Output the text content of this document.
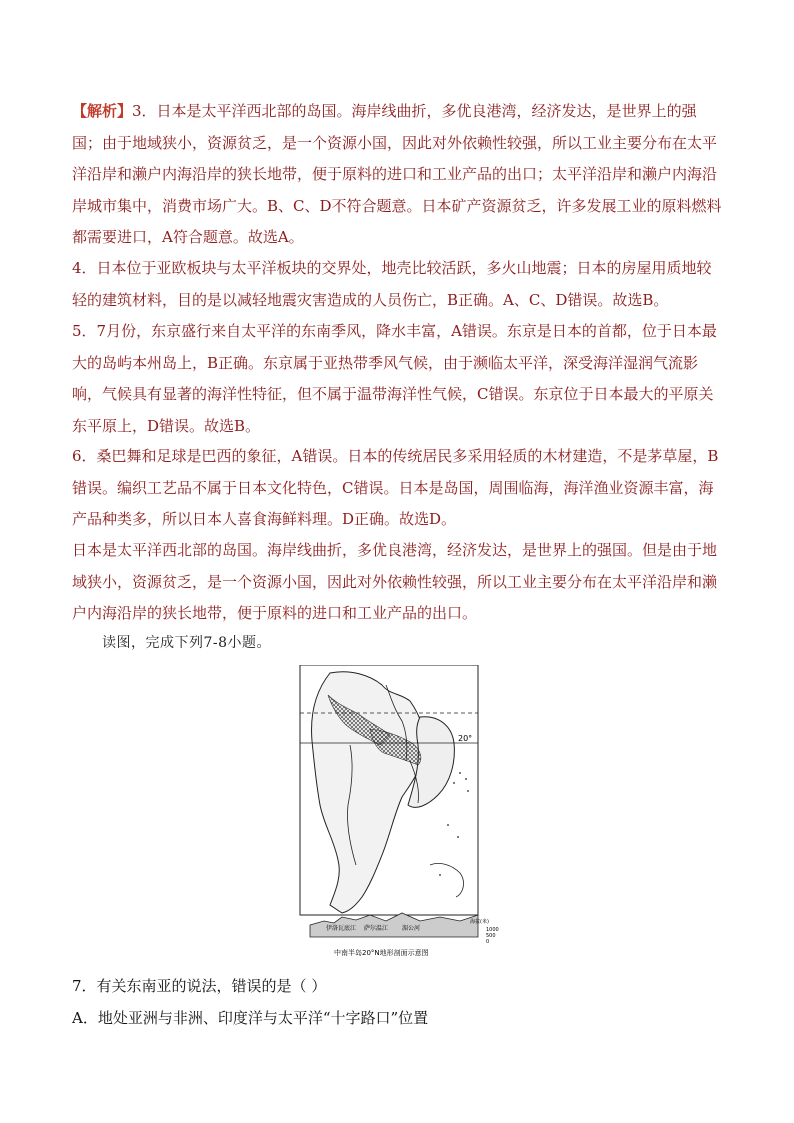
【解析】3．日本是太平洋西北部的岛国。海岸线曲折，多优良港湾，经济发达，是世界上的强国；由于地域狭小，资源贫乏，是一个资源小国，因此对外依赖性较强，所以工业主要分布在太平洋沿岸和濑户内海沿岸的狭长地带，便于原料的进口和工业产品的出口；太平洋沿岸和濑户内海沿岸城市集中，消费市场广大。B、C、D不符合题意。日本矿产资源贫乏，许多发展工业的原料燃料都需要进口，A符合题意。故选A。
4．日本位于亚欧板块与太平洋板块的交界处，地壳比较活跃，多火山地震；日本的房屋用质地较轻的建筑材料，目的是以减轻地震灾害造成的人员伤亡，B正确。A、C、D错误。故选B。
5．7月份，东京盛行来自太平洋的东南季风，降水丰富，A错误。东京是日本的首都，位于日本最大的岛屿本州岛上，B正确。东京属于亚热带季风气候，由于濒临太平洋，深受海洋湿润气流影响，气候具有显著的海洋性特征，但不属于温带海洋性气候，C错误。东京位于日本最大的平原关东平原上，D错误。故选B。
6．桑巴舞和足球是巴西的象征，A错误。日本的传统居民多采用轻质的木材建造，不是茅草屋，B错误。编织工艺品不属于日本文化特色，C错误。日本是岛国，周围临海，海洋渔业资源丰富，海产品种类多，所以日本人喜食海鲜料理。D正确。故选D。
日本是太平洋西北部的岛国。海岸线曲折，多优良港湾，经济发达，是世界上的强国。但是由于地域狭小，资源贫乏，是一个资源小国，因此对外依赖性较强，所以工业主要分布在太平洋沿岸和濑户内海沿岸的狭长地带，便于原料的进口和工业产品的出口。
读图，完成下列7-8小题。
20°
伊洛瓦底江 萨尔温江 湄公河
海拔(米)
1000
500
0
中南半岛20°N地形剖面示意图
7．有关东南亚的说法，错误的是（ ）
A．地处亚洲与非洲、印度洋与太平洋“十字路口”位置
